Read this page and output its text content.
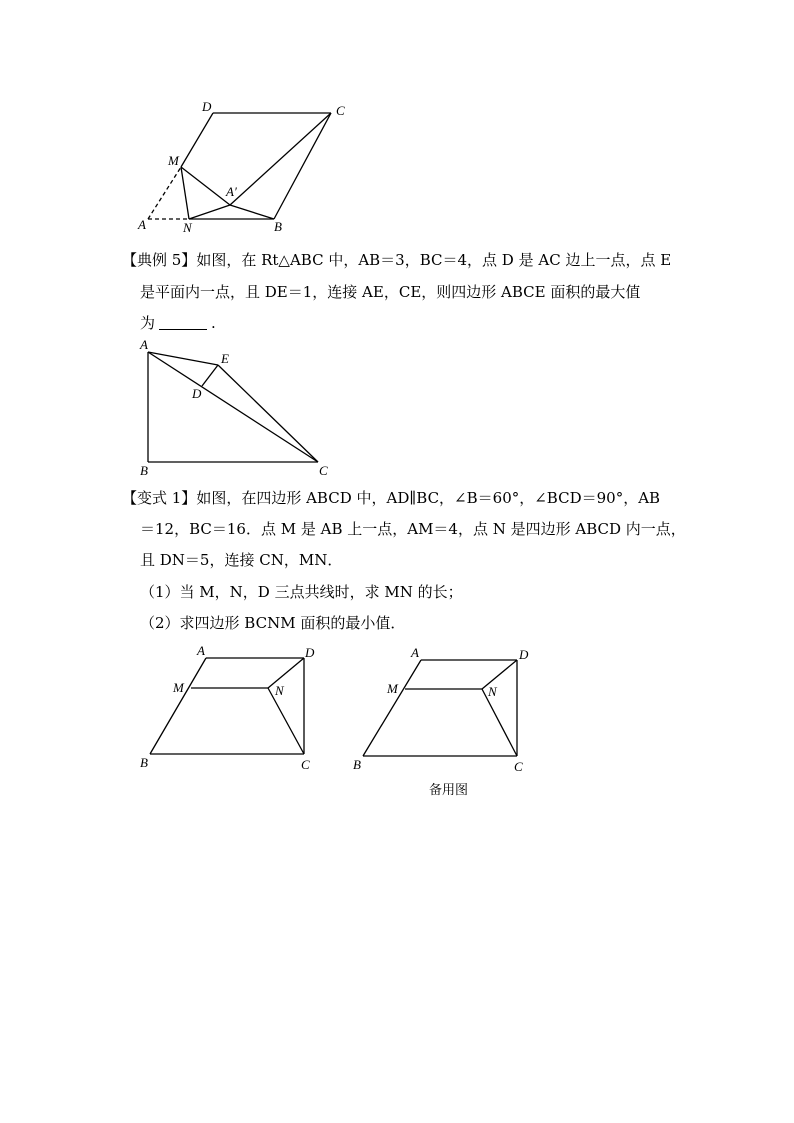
D	C
M
A′
A	N	B
【典例 5】如图，在 Rt△ABC 中，AB＝3，BC＝4，点 D 是 AC 边上一点，点 E
是平面内一点，且 DE＝1，连接 AE，CE，则四边形 ABCE 面积的最大值
为	.
A
E
D
B	C
【变式 1】如图，在四边形 ABCD 中，AD∥BC，∠B＝60°，∠BCD＝90°，AB
＝12，BC＝16．点 M 是 AB 上一点，AM＝4，点 N 是四边形 ABCD 内一点，
且 DN＝5，连接 CN，MN．
（1）当 M，N，D 三点共线时，求 MN 的长；
（2）求四边形 BCNM 面积的最小值．
A	D
M	N
B	C
A	D
M	N
B	C
备用图
